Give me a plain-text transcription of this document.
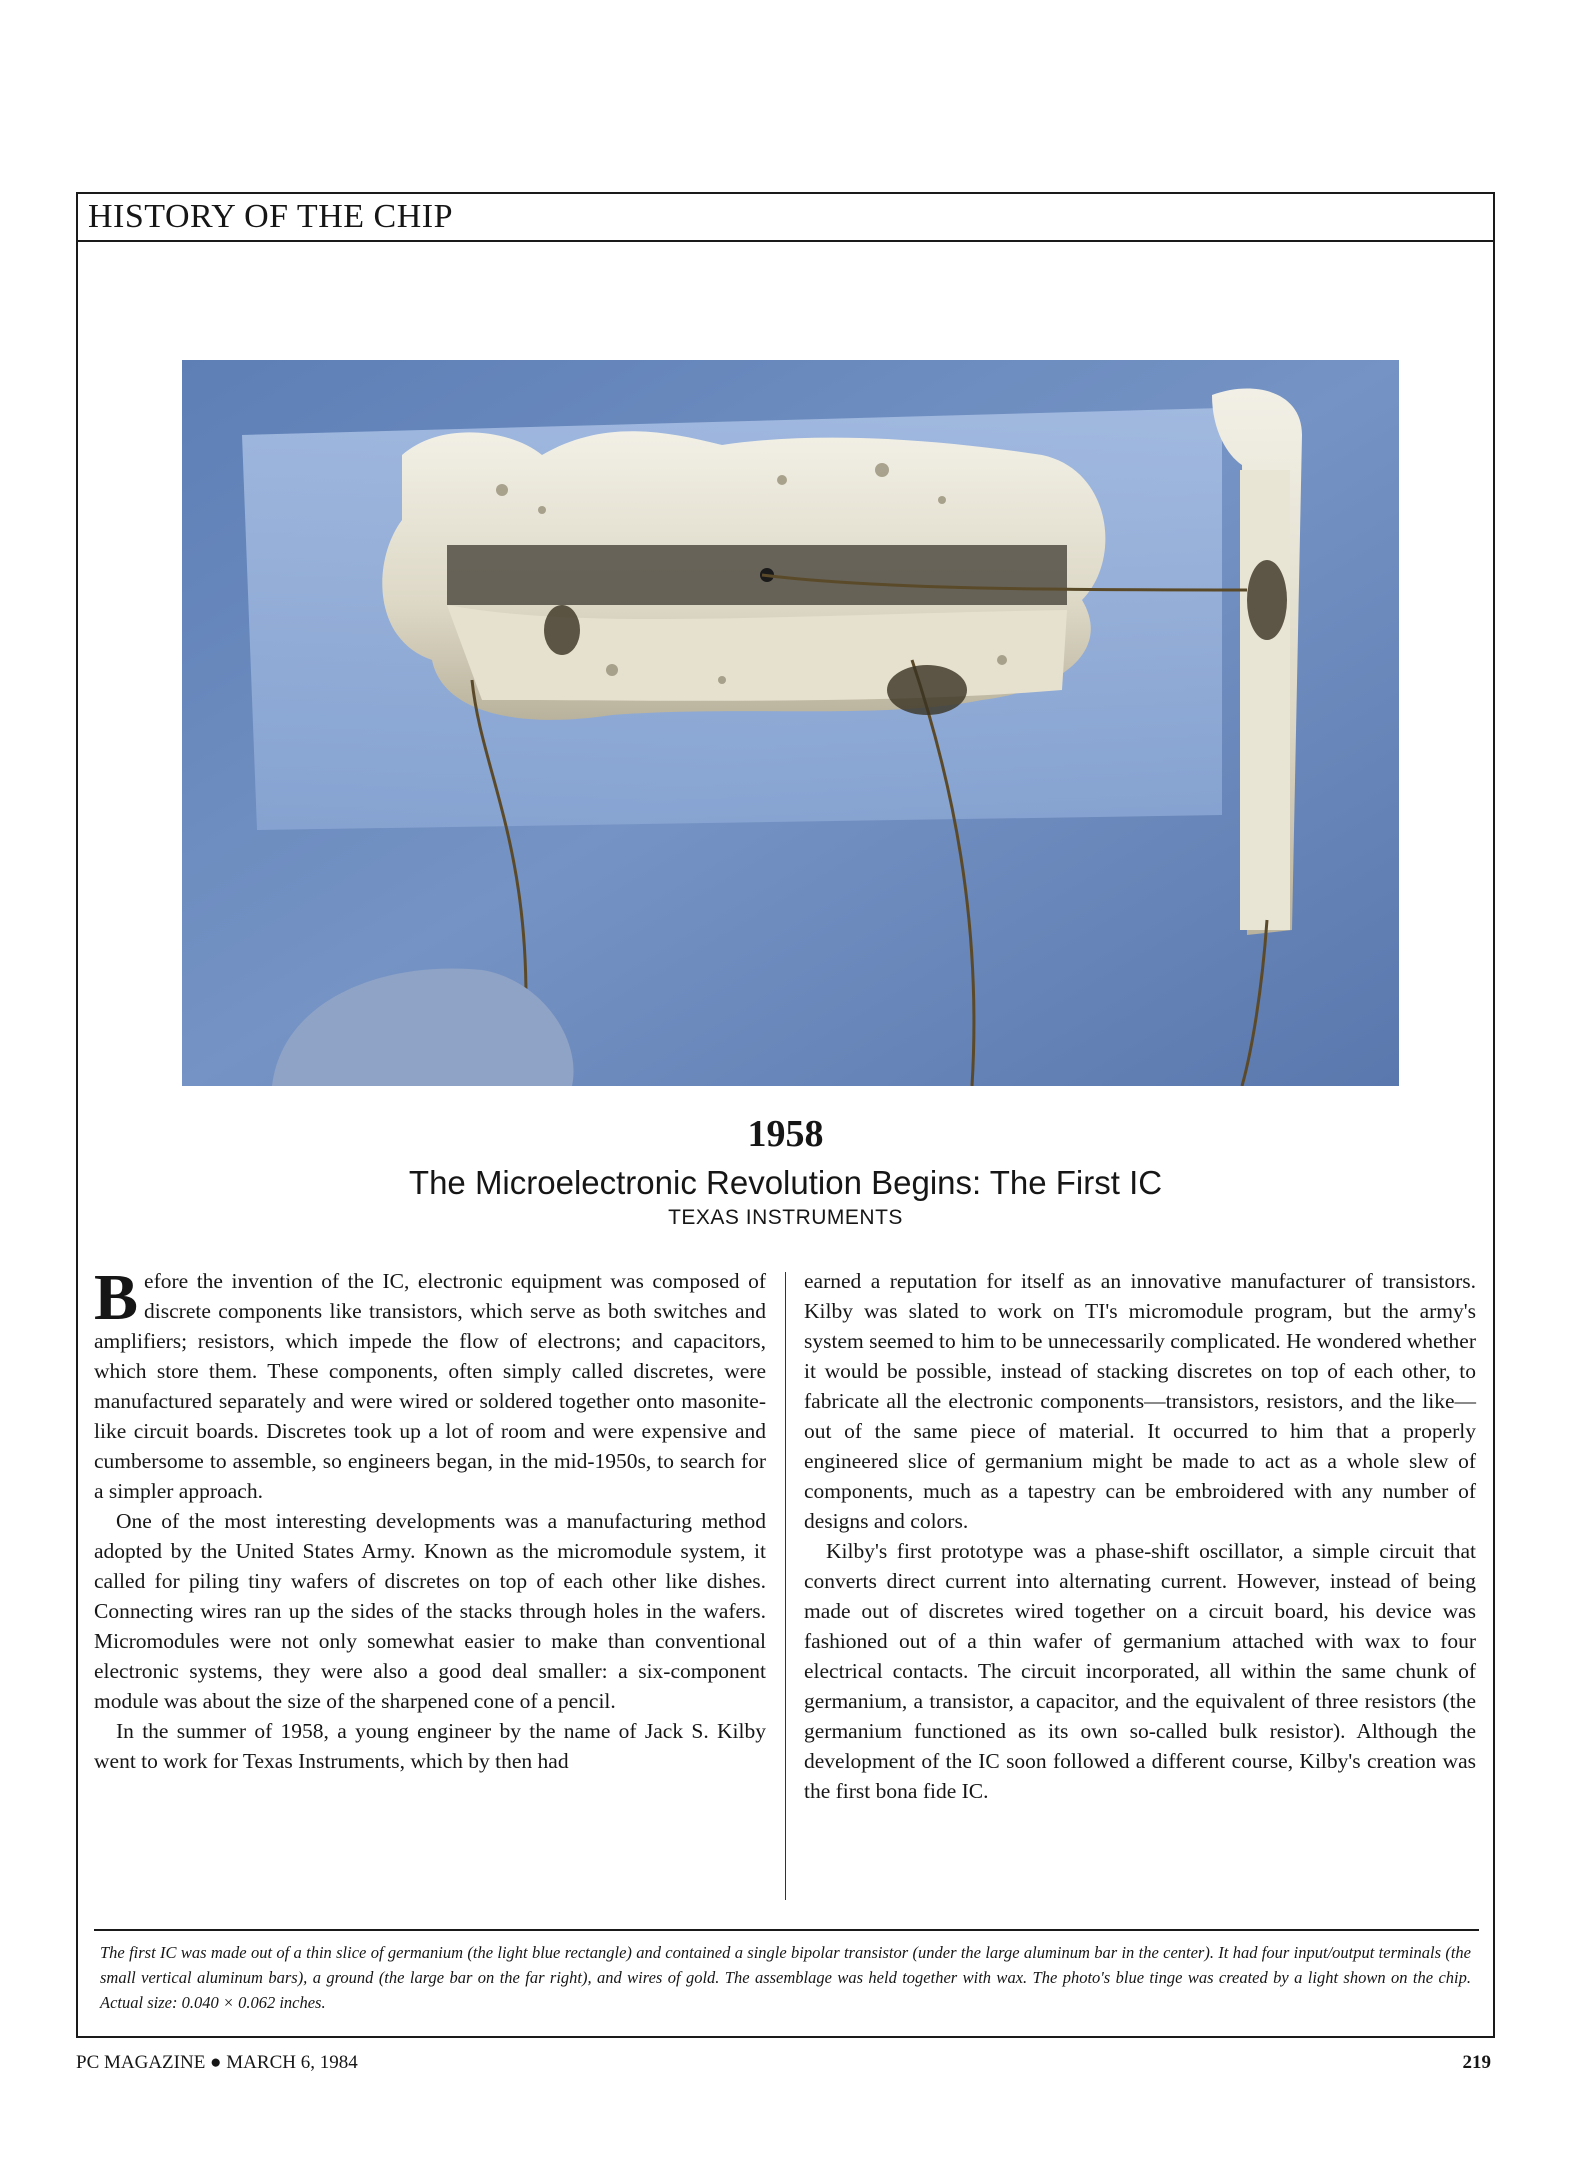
HISTORY OF THE CHIP
1958
The Microelectronic Revolution Begins: The First IC
TEXAS INSTRUMENTS

Before the invention of the IC, electronic equipment was composed of discrete components like transistors, which serve as both switches and amplifiers; resistors, which impede the flow of electrons; and capacitors, which store them. These components, often simply called discretes, were manufactured separately and were wired or soldered together onto masonite-like circuit boards. Discretes took up a lot of room and were expensive and cumbersome to assemble, so engineers began, in the mid-1950s, to search for a simpler approach.

One of the most interesting developments was a manufacturing method adopted by the United States Army. Known as the micromodule system, it called for piling tiny wafers of discretes on top of each other like dishes. Connecting wires ran up the sides of the stacks through holes in the wafers. Micromodules were not only somewhat easier to make than conventional electronic systems, they were also a good deal smaller: a six-component module was about the size of the sharpened cone of a pencil.

In the summer of 1958, a young engineer by the name of Jack S. Kilby went to work for Texas Instruments, which by then had

earned a reputation for itself as an innovative manufacturer of transistors. Kilby was slated to work on TI's micromodule program, but the army's system seemed to him to be unnecessarily complicated. He wondered whether it would be possible, instead of stacking discretes on top of each other, to fabricate all the electronic components—transistors, resistors, and the like—out of the same piece of material. It occurred to him that a properly engineered slice of germanium might be made to act as a whole slew of components, much as a tapestry can be embroidered with any number of designs and colors.

Kilby's first prototype was a phase-shift oscillator, a simple circuit that converts direct current into alternating current. However, instead of being made out of discretes wired together on a circuit board, his device was fashioned out of a thin wafer of germanium attached with wax to four electrical contacts. The circuit incorporated, all within the same chunk of germanium, a transistor, a capacitor, and the equivalent of three resistors (the germanium functioned as its own so-called bulk resistor). Although the development of the IC soon followed a different course, Kilby's creation was the first bona fide IC.

The first IC was made out of a thin slice of germanium (the light blue rectangle) and contained a single bipolar transistor (under the large aluminum bar in the center). It had four input/output terminals (the small vertical aluminum bars), a ground (the large bar on the far right), and wires of gold. The assemblage was held together with wax. The photo's blue tinge was created by a light shown on the chip. Actual size: 0.040 × 0.062 inches.
PC MAGAZINE ● MARCH 6, 1984	219
